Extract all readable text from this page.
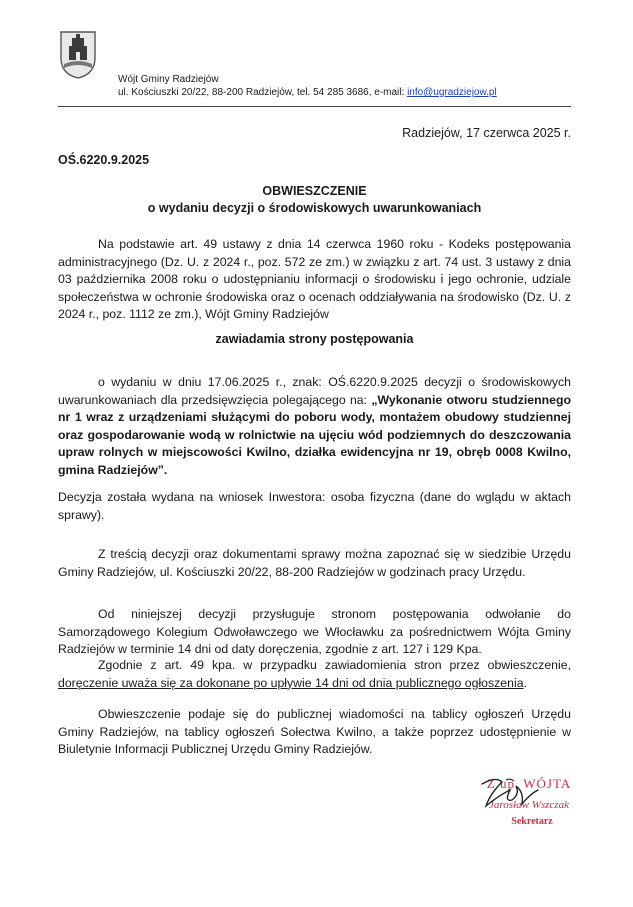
Wójt Gminy Radziejów
ul. Kościuszki 20/22, 88-200 Radziejów, tel. 54 285 3686, e-mail: info@ugradziejow.pl
Radziejów, 17 czerwca 2025 r.
OŚ.6220.9.2025
OBWIESZCZENIE
o wydaniu decyzji o środowiskowych uwarunkowaniach
Na podstawie art. 49 ustawy z dnia 14 czerwca 1960 roku - Kodeks postępowania administracyjnego (Dz. U. z 2024 r., poz. 572 ze zm.) w związku z art. 74 ust. 3 ustawy z dnia 03 października 2008 roku o udostępnianiu informacji o środowisku i jego ochronie, udziale społeczeństwa w ochronie środowiska oraz o ocenach oddziaływania na środowisko (Dz. U. z 2024 r., poz. 1112 ze zm.), Wójt Gminy Radziejów
zawiadamia strony postępowania
o wydaniu w dniu 17.06.2025 r., znak: OŚ.6220.9.2025 decyzji o środowiskowych uwarunkowaniach dla przedsięwzięcia polegającego na: „Wykonanie otworu studziennego nr 1 wraz z urządzeniami służącymi do poboru wody, montażem obudowy studziennej oraz gospodarowanie wodą w rolnictwie na ujęciu wód podziemnych do deszczowania upraw rolnych w miejscowości Kwilno, działka ewidencyjna nr 19, obręb 0008 Kwilno, gmina Radziejów”.
Decyzja została wydana na wniosek Inwestora: osoba fizyczna (dane do wglądu w aktach sprawy).
Z treścią decyzji oraz dokumentami sprawy można zapoznać się w siedzibie Urzędu Gminy Radziejów, ul. Kościuszki 20/22, 88-200 Radziejów w godzinach pracy Urzędu.
Od niniejszej decyzji przysługuje stronom postępowania odwołanie do Samorządowego Kolegium Odwoławczego we Włocławku za pośrednictwem Wójta Gminy Radziejów w terminie 14 dni od daty doręczenia, zgodnie z art. 127 i 129 Kpa.
Zgodnie z art. 49 kpa. w przypadku zawiadomienia stron przez obwieszczenie, doręczenie uważa się za dokonane po upływie 14 dni od dnia publicznego ogłoszenia.
Obwieszczenie podaje się do publicznej wiadomości na tablicy ogłoszeń Urzędu Gminy Radziejów, na tablicy ogłoszeń Sołectwa Kwilno, a także poprzez udostępnienie w Biuletynie Informacji Publicznej Urzędu Gminy Radziejów.
Z up. WÓJTA
Jarosław Wszczak
Sekretarz
